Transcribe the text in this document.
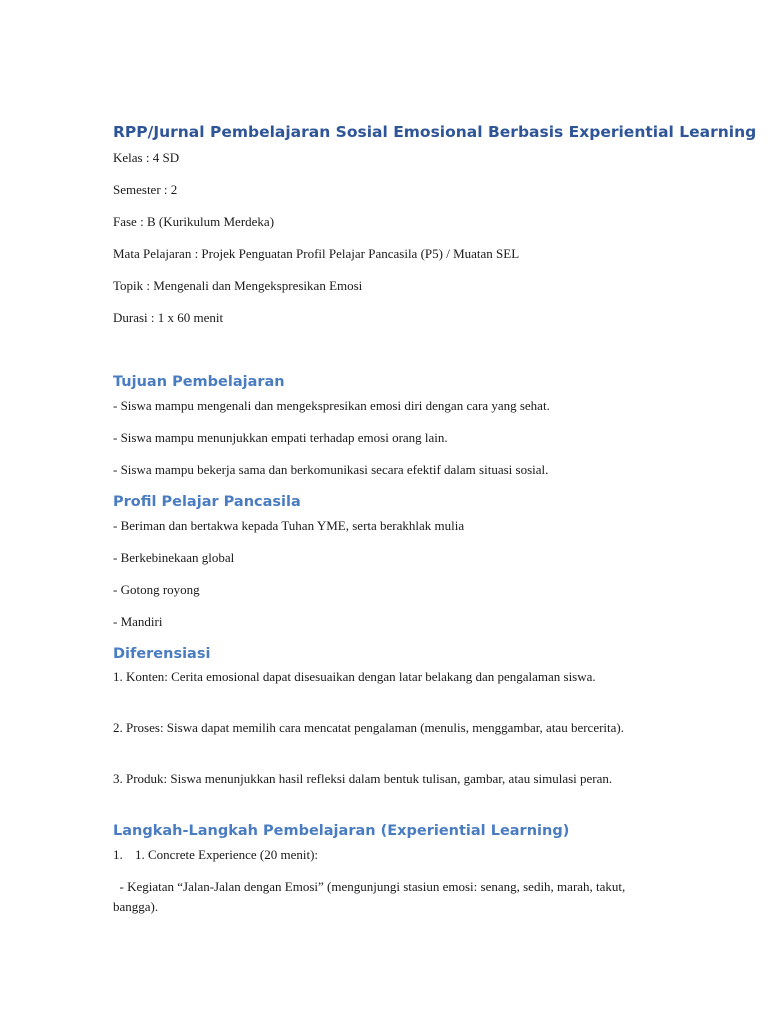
RPP/Jurnal Pembelajaran Sosial Emosional Berbasis Experiential Learning

Kelas : 4 SD

Semester : 2

Fase : B (Kurikulum Merdeka)

Mata Pelajaran : Projek Penguatan Profil Pelajar Pancasila (P5) / Muatan SEL

Topik : Mengenali dan Mengekspresikan Emosi

Durasi : 1 x 60 menit

Tujuan Pembelajaran

- Siswa mampu mengenali dan mengekspresikan emosi diri dengan cara yang sehat.

- Siswa mampu menunjukkan empati terhadap emosi orang lain.

- Siswa mampu bekerja sama dan berkomunikasi secara efektif dalam situasi sosial.

Profil Pelajar Pancasila

- Beriman dan bertakwa kepada Tuhan YME, serta berakhlak mulia

- Berkebinekaan global

- Gotong royong

- Mandiri

Diferensiasi

1. Konten: Cerita emosional dapat disesuaikan dengan latar belakang dan pengalaman siswa.

2. Proses: Siswa dapat memilih cara mencatat pengalaman (menulis, menggambar, atau bercerita).

3. Produk: Siswa menunjukkan hasil refleksi dalam bentuk tulisan, gambar, atau simulasi peran.

Langkah-Langkah Pembelajaran (Experiential Learning)
1. 1. Concrete Experience (20 menit):

- Kegiatan “Jalan-Jalan dengan Emosi” (mengunjungi stasiun emosi: senang, sedih, marah, takut, bangga).
